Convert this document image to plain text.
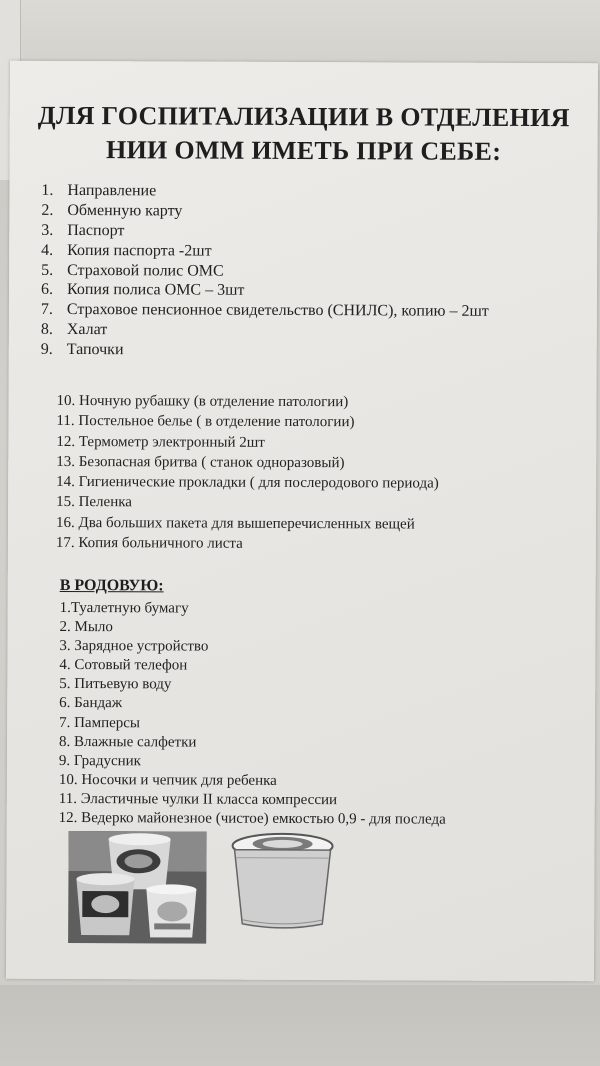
ДЛЯ ГОСПИТАЛИЗАЦИИ В ОТДЕЛЕНИЯ
НИИ ОММ ИМЕТЬ ПРИ СЕБЕ:
1. Направление
2. Обменную карту
3. Паспорт
4. Копия паспорта -2шт
5. Страховой полис ОМС
6. Копия полиса ОМС – 3шт
7. Страховое пенсионное свидетельство (СНИЛС), копию – 2шт
8. Халат
9. Тапочки
10. Ночную рубашку (в отделение патологии)
11. Постельное белье ( в отделение патологии)
12. Термометр электронный 2шт
13. Безопасная бритва ( станок одноразовый)
14. Гигиенические прокладки ( для послеродового периода)
15. Пеленка
16. Два больших пакета для вышеперечисленных вещей
17. Копия больничного листа
В РОДОВУЮ:
1.Туалетную бумагу
2. Мыло
3. Зарядное устройство
4. Сотовый телефон
5. Питьевую воду
6. Бандаж
7. Памперсы
8. Влажные салфетки
9. Градусник
10. Носочки и чепчик для ребенка
11. Эластичные чулки II класса компрессии
12. Ведерко майонезное (чистое) емкостью 0,9 - для последа
